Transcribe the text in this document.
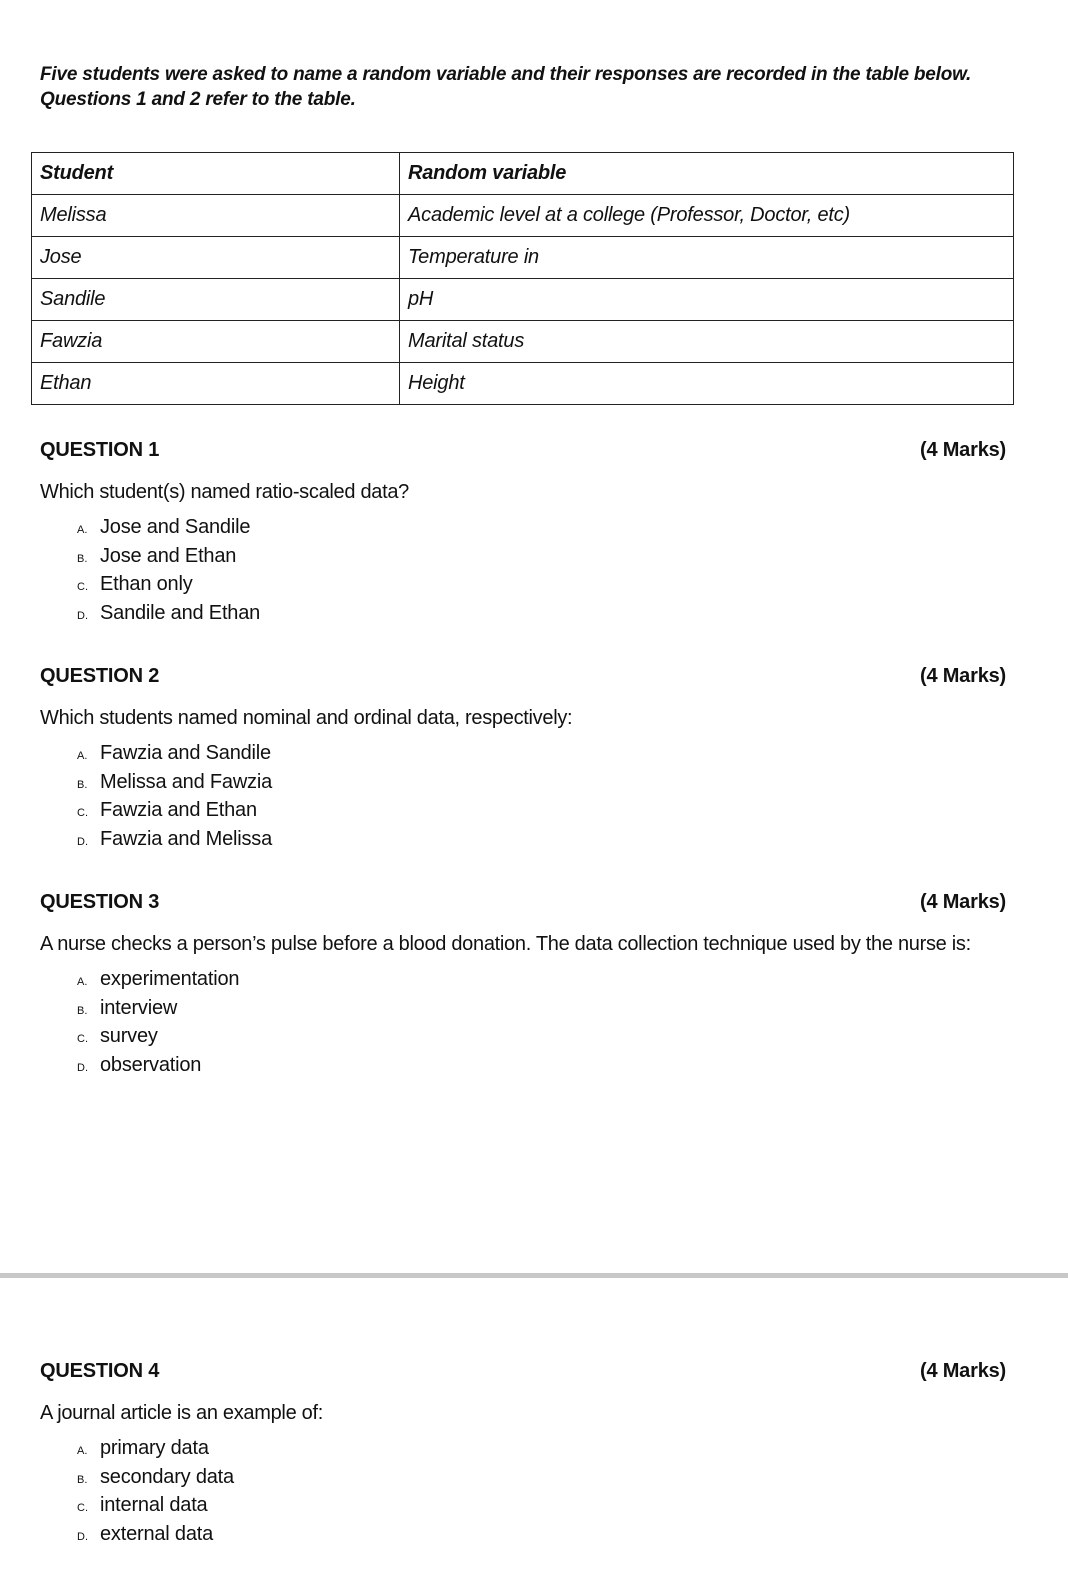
Five students were asked to name a random variable and their responses are recorded in the table below.

Questions 1 and 2 refer to the table.

Student	Random variable
Melissa	Academic level at a college (Professor, Doctor, etc)
Jose	Temperature in
Sandile	pH
Fawzia	Marital status
Ethan	Height
QUESTION 1	(4 Marks)
Which student(s) named ratio-scaled data?
A. Jose and Sandile
B. Jose and Ethan
C. Ethan only
D. Sandile and Ethan
QUESTION 2	(4 Marks)
Which students named nominal and ordinal data, respectively:
A. Fawzia and Sandile
B. Melissa and Fawzia
C. Fawzia and Ethan
D. Fawzia and Melissa
QUESTION 3	(4 Marks)
A nurse checks a person’s pulse before a blood donation. The data collection technique used by the nurse is:
A. experimentation
B. interview
C. survey
D. observation
QUESTION 4	(4 Marks)
A journal article is an example of:
A. primary data
B. secondary data
C. internal data
D. external data
